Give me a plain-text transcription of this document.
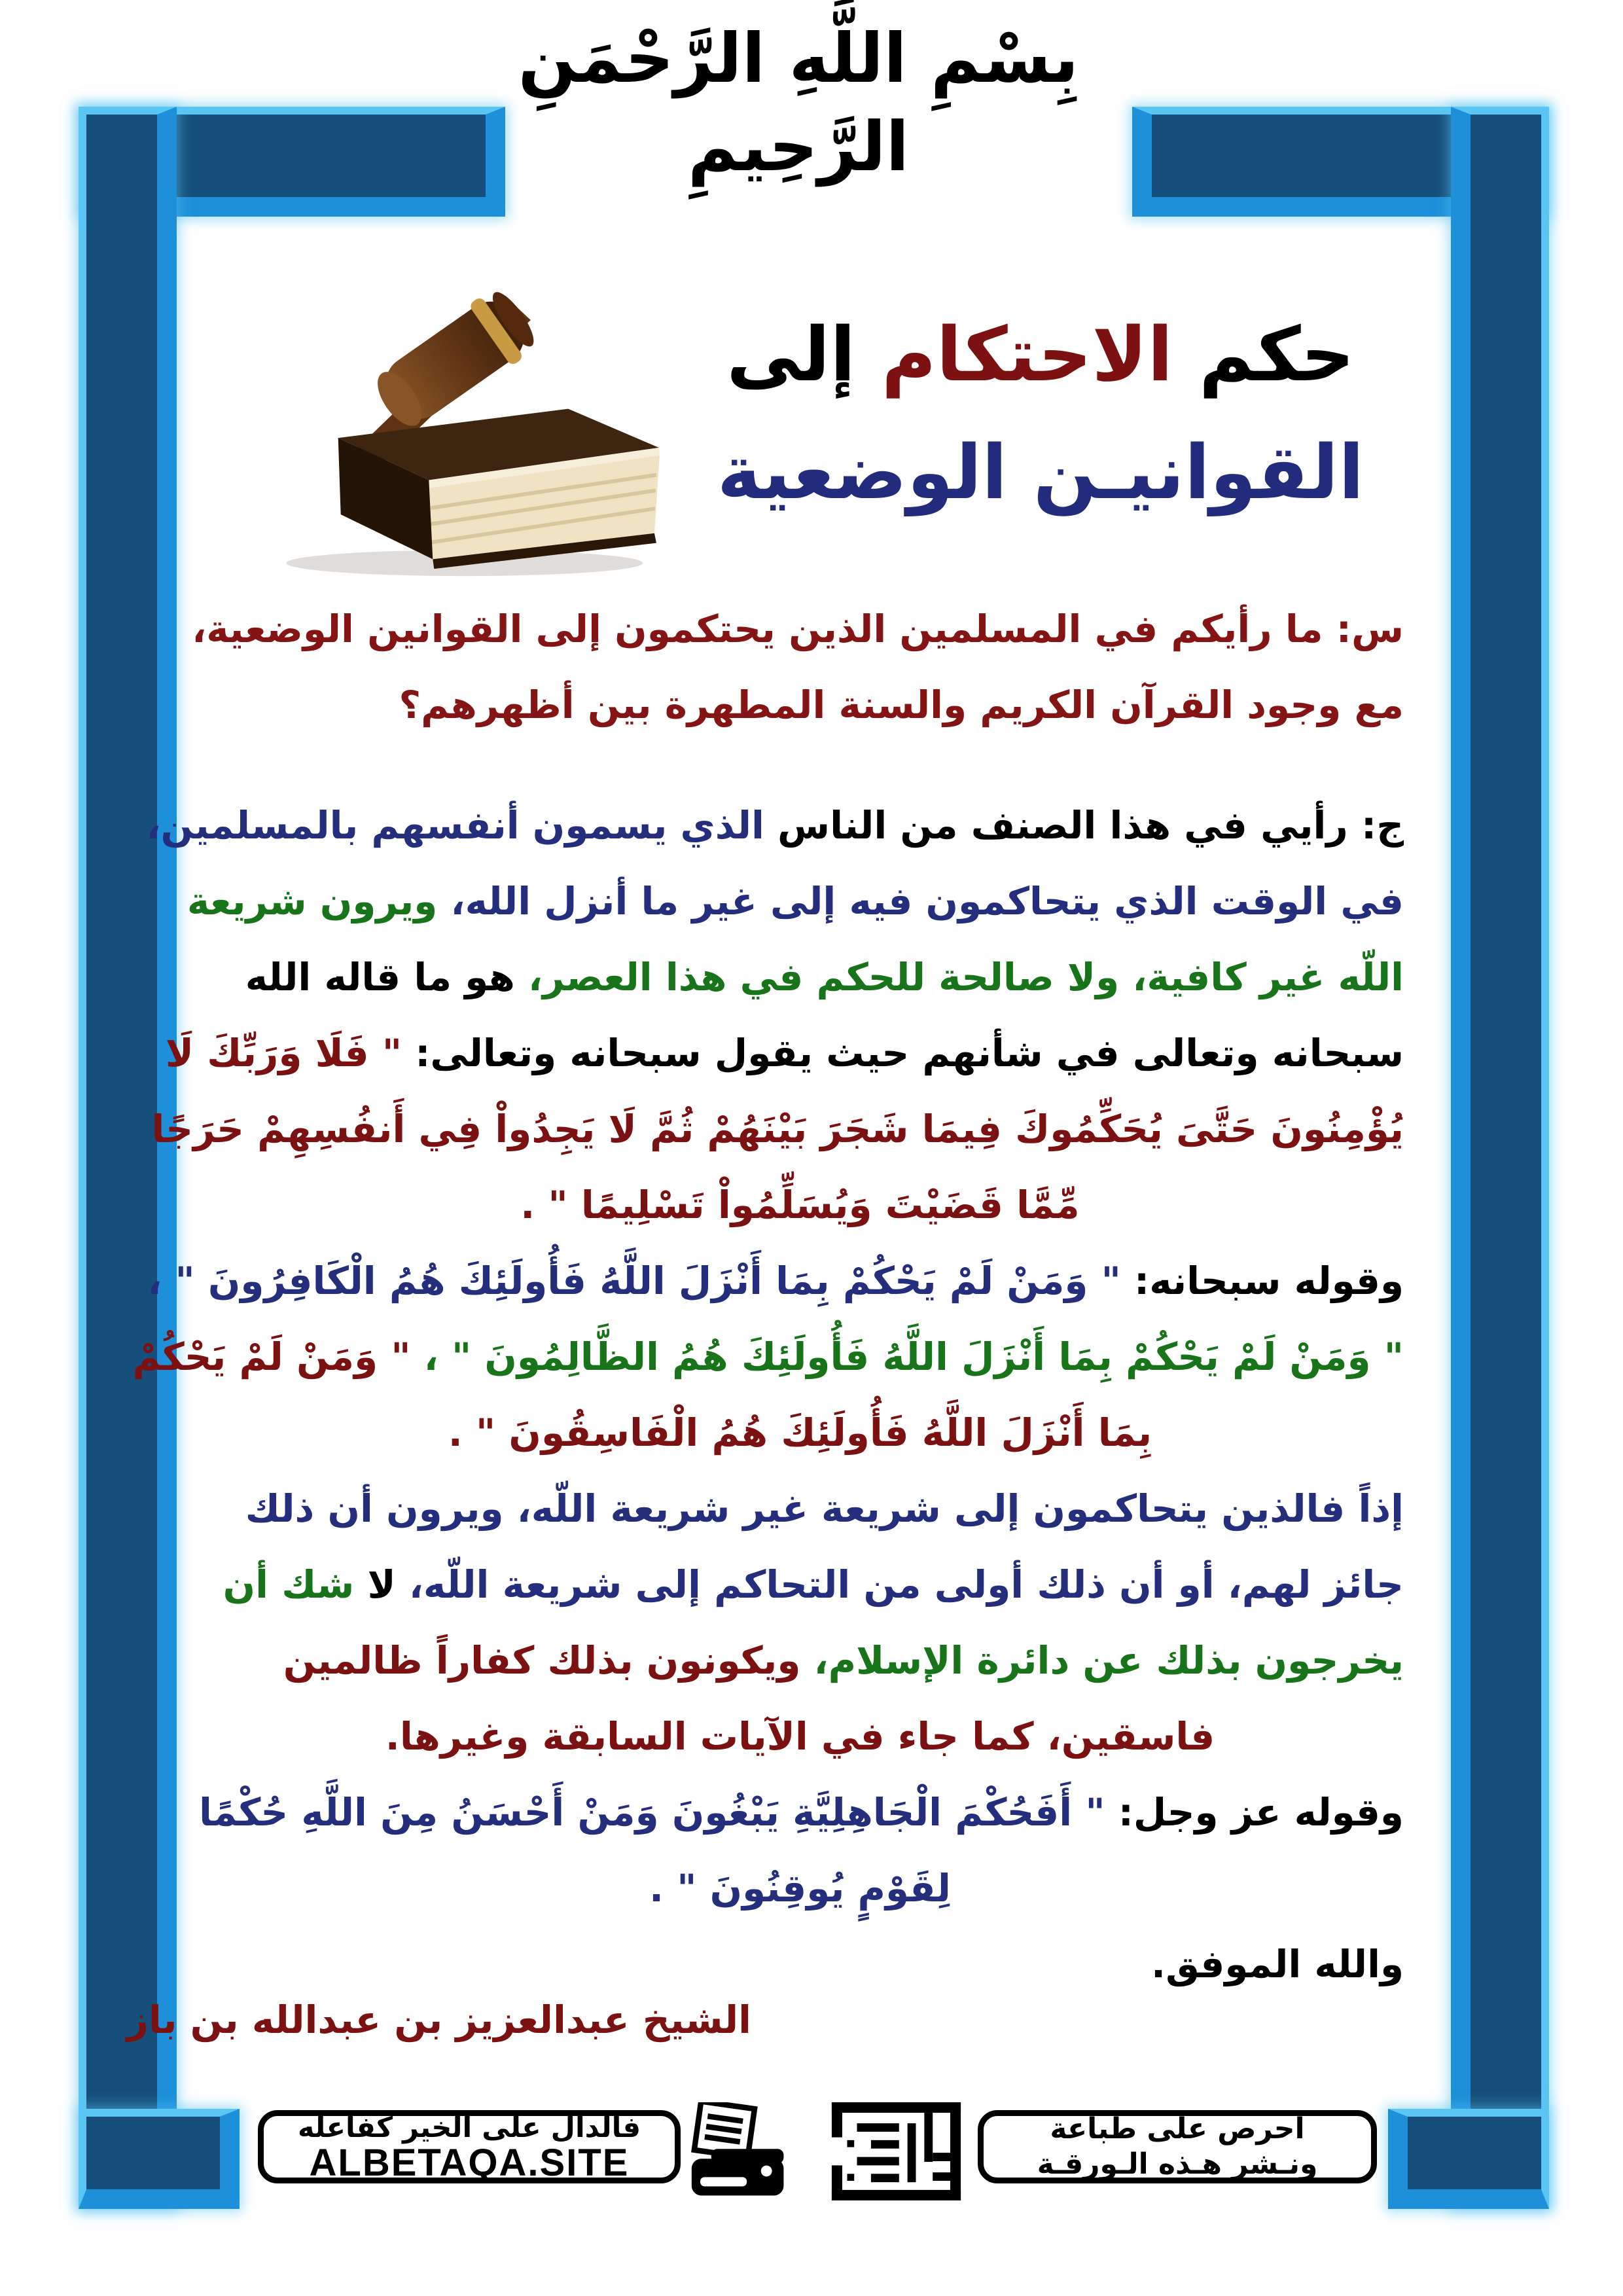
بِسْمِ اللَّهِ الرَّحْمَنِ الرَّحِيمِ
حكم الاحتكام إلى
القوانيـن الوضعية
س: ما رأيكم في المسلمين الذين يحتكمون إلى القوانين الوضعية،
مع وجود القرآن الكريم والسنة المطهرة بين أظهرهم؟
ج: رأيي في هذا الصنف من الناس الذي يسمون أنفسهم بالمسلمين،
في الوقت الذي يتحاكمون فيه إلى غير ما أنزل الله، ويرون شريعة
اللّه غير كافية، ولا صالحة للحكم في هذا العصر، هو ما قاله الله
سبحانه وتعالى في شأنهم حيث يقول سبحانه وتعالى: " فَلَا وَرَبِّكَ لَا
يُؤْمِنُونَ حَتَّىَ يُحَكِّمُوكَ فِيمَا شَجَرَ بَيْنَهُمْ ثُمَّ لَا يَجِدُواْ فِي أَنفُسِهِمْ حَرَجًا
مِّمَّا قَضَيْتَ وَيُسَلِّمُواْ تَسْلِيمًا " .
وقوله سبحانه: " وَمَنْ لَمْ يَحْكُمْ بِمَا أَنْزَلَ اللَّهُ فَأُولَئِكَ هُمُ الْكَافِرُونَ " ،
" وَمَنْ لَمْ يَحْكُمْ بِمَا أَنْزَلَ اللَّهُ فَأُولَئِكَ هُمُ الظَّالِمُونَ " ، " وَمَنْ لَمْ يَحْكُمْ
بِمَا أَنْزَلَ اللَّهُ فَأُولَئِكَ هُمُ الْفَاسِقُونَ " .
إذاً فالذين يتحاكمون إلى شريعة غير شريعة اللّه، ويرون أن ذلك
جائز لهم، أو أن ذلك أولى من التحاكم إلى شريعة اللّه، لا شك أن
يخرجون بذلك عن دائرة الإسلام، ويكونون بذلك كفاراً ظالمين
فاسقين، كما جاء في الآيات السابقة وغيرها.
وقوله عز وجل: " أَفَحُكْمَ الْجَاهِلِيَّةِ يَبْغُونَ وَمَنْ أَحْسَنُ مِنَ اللَّهِ حُكْمًا
لِقَوْمٍ يُوقِنُونَ " .
والله الموفق.
الشيخ عبدالعزيز بن عبدالله بن باز
فالدال على الخير كفاعله
ALBETAQA.SITE
احرص على طباعة
ونـشر هـذه الـورقـة
